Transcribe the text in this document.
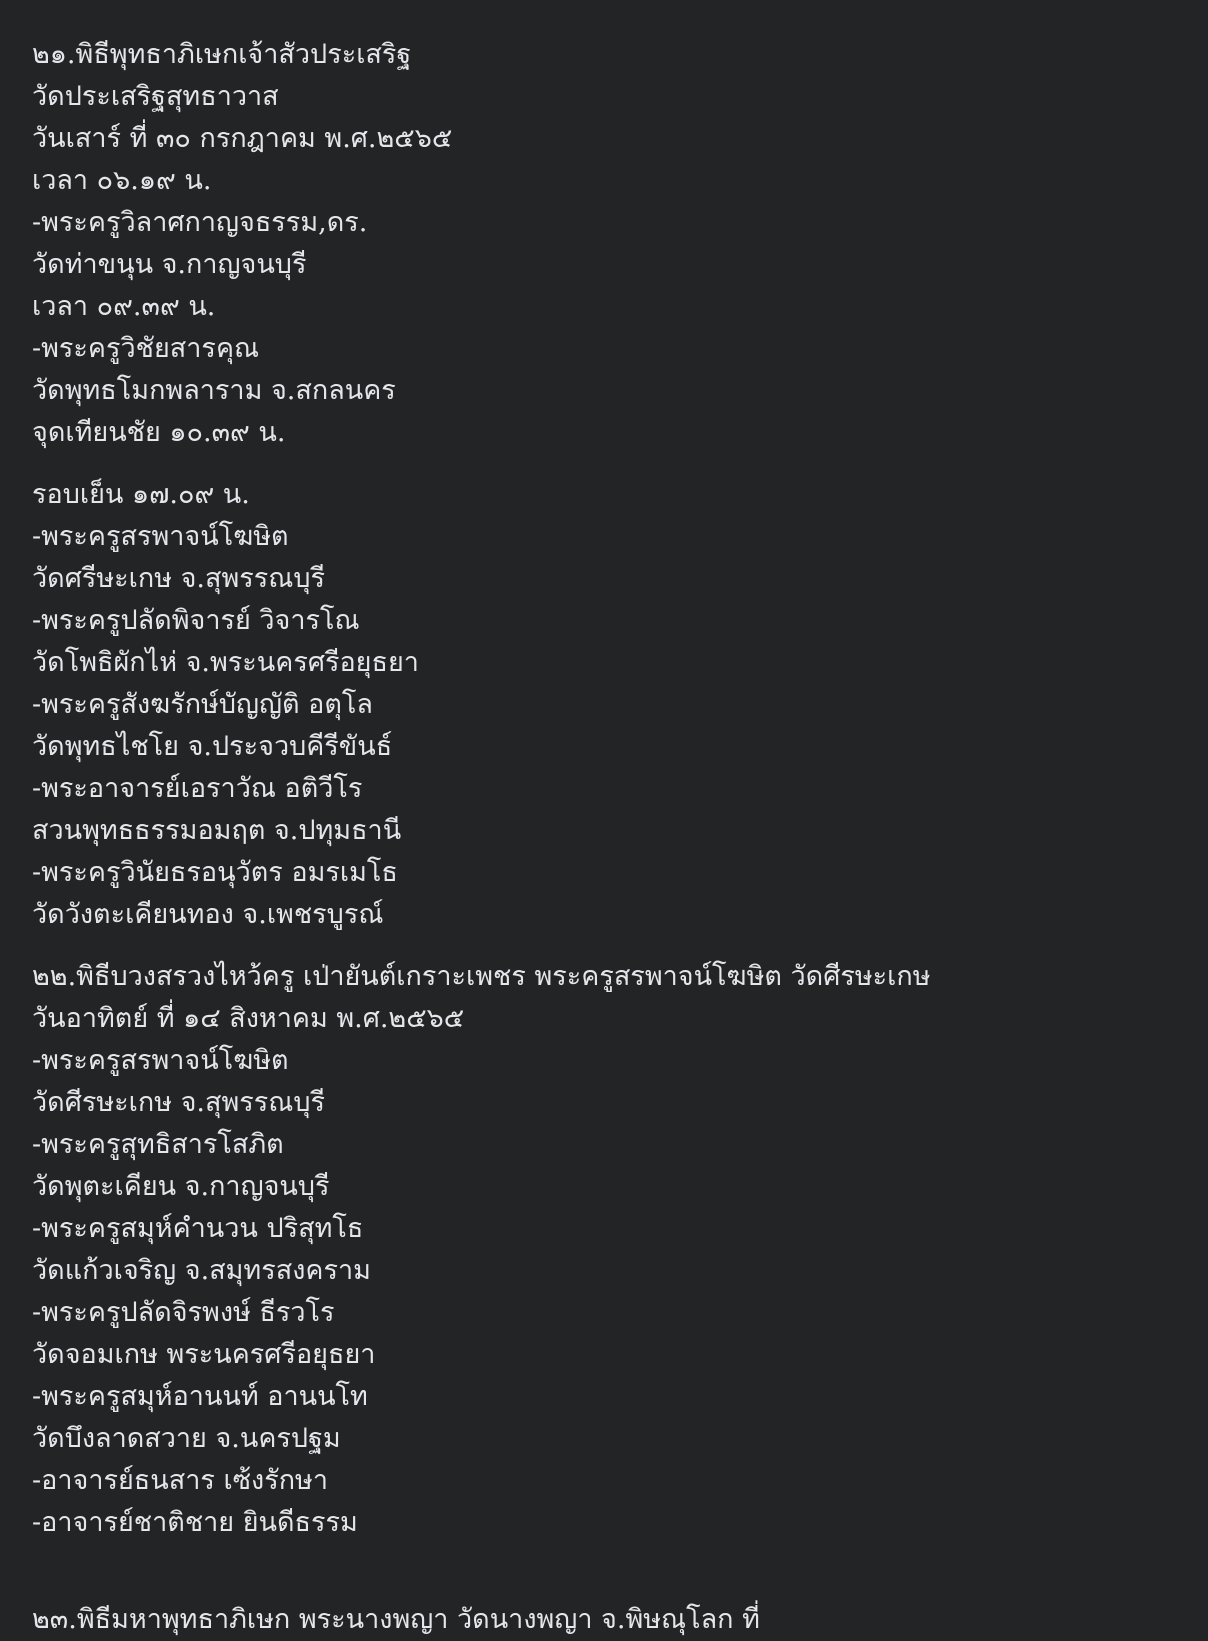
๒๑.พิธีพุทธาภิเษกเจ้าสัวประเสริฐ
วัดประเสริฐสุทธาวาส
วันเสาร์ ที่ ๓๐ กรกฎาคม พ.ศ.๒๕๖๕
เวลา ๐๖.๑๙ น.
-พระครูวิลาศกาญจธรรม,ดร.
วัดท่าขนุน จ.กาญจนบุรี
เวลา ๐๙.๓๙ น.
-พระครูวิชัยสารคุณ
วัดพุทธโมกพลาราม จ.สกลนคร
จุดเทียนชัย ๑๐.๓๙ น.
รอบเย็น ๑๗.๐๙ น.
-พระครูสรพาจน์โฆษิต
วัดศรีษะเกษ จ.สุพรรณบุรี
-พระครูปลัดพิจารย์ วิจารโณ
วัดโพธิผักไห่ จ.พระนครศรีอยุธยา
-พระครูสังฆรักษ์บัญญัติ อตุโล
วัดพุทธไชโย จ.ประจวบคีรีขันธ์
-พระอาจารย์เอราวัณ อติวีโร
สวนพุทธธรรมอมฤต จ.ปทุมธานี
-พระครูวินัยธรอนุวัตร อมรเมโธ
วัดวังตะเคียนทอง จ.เพชรบูรณ์
๒๒.พิธีบวงสรวงไหว้ครู เป่ายันต์เกราะเพชร พระครูสรพาจน์โฆษิต วัดศีรษะเกษ
วันอาทิตย์ ที่ ๑๔ สิงหาคม พ.ศ.๒๕๖๕
-พระครูสรพาจน์โฆษิต
วัดศีรษะเกษ จ.สุพรรณบุรี
-พระครูสุทธิสารโสภิต
วัดพุตะเคียน จ.กาญจนบุรี
-พระครูสมุห์คำนวน ปริสุทโธ
วัดแก้วเจริญ จ.สมุทรสงคราม
-พระครูปลัดจิรพงษ์ ธีรวโร
วัดจอมเกษ พระนครศรีอยุธยา
-พระครูสมุห์อานนท์ อานนโท
วัดบึงลาดสวาย จ.นครปฐม
-อาจารย์ธนสาร เซ้งรักษา
-อาจารย์ชาติชาย ยินดีธรรม
๒๓.พิธีมหาพุทธาภิเษก พระนางพญา วัดนางพญา จ.พิษณุโลก ที่
